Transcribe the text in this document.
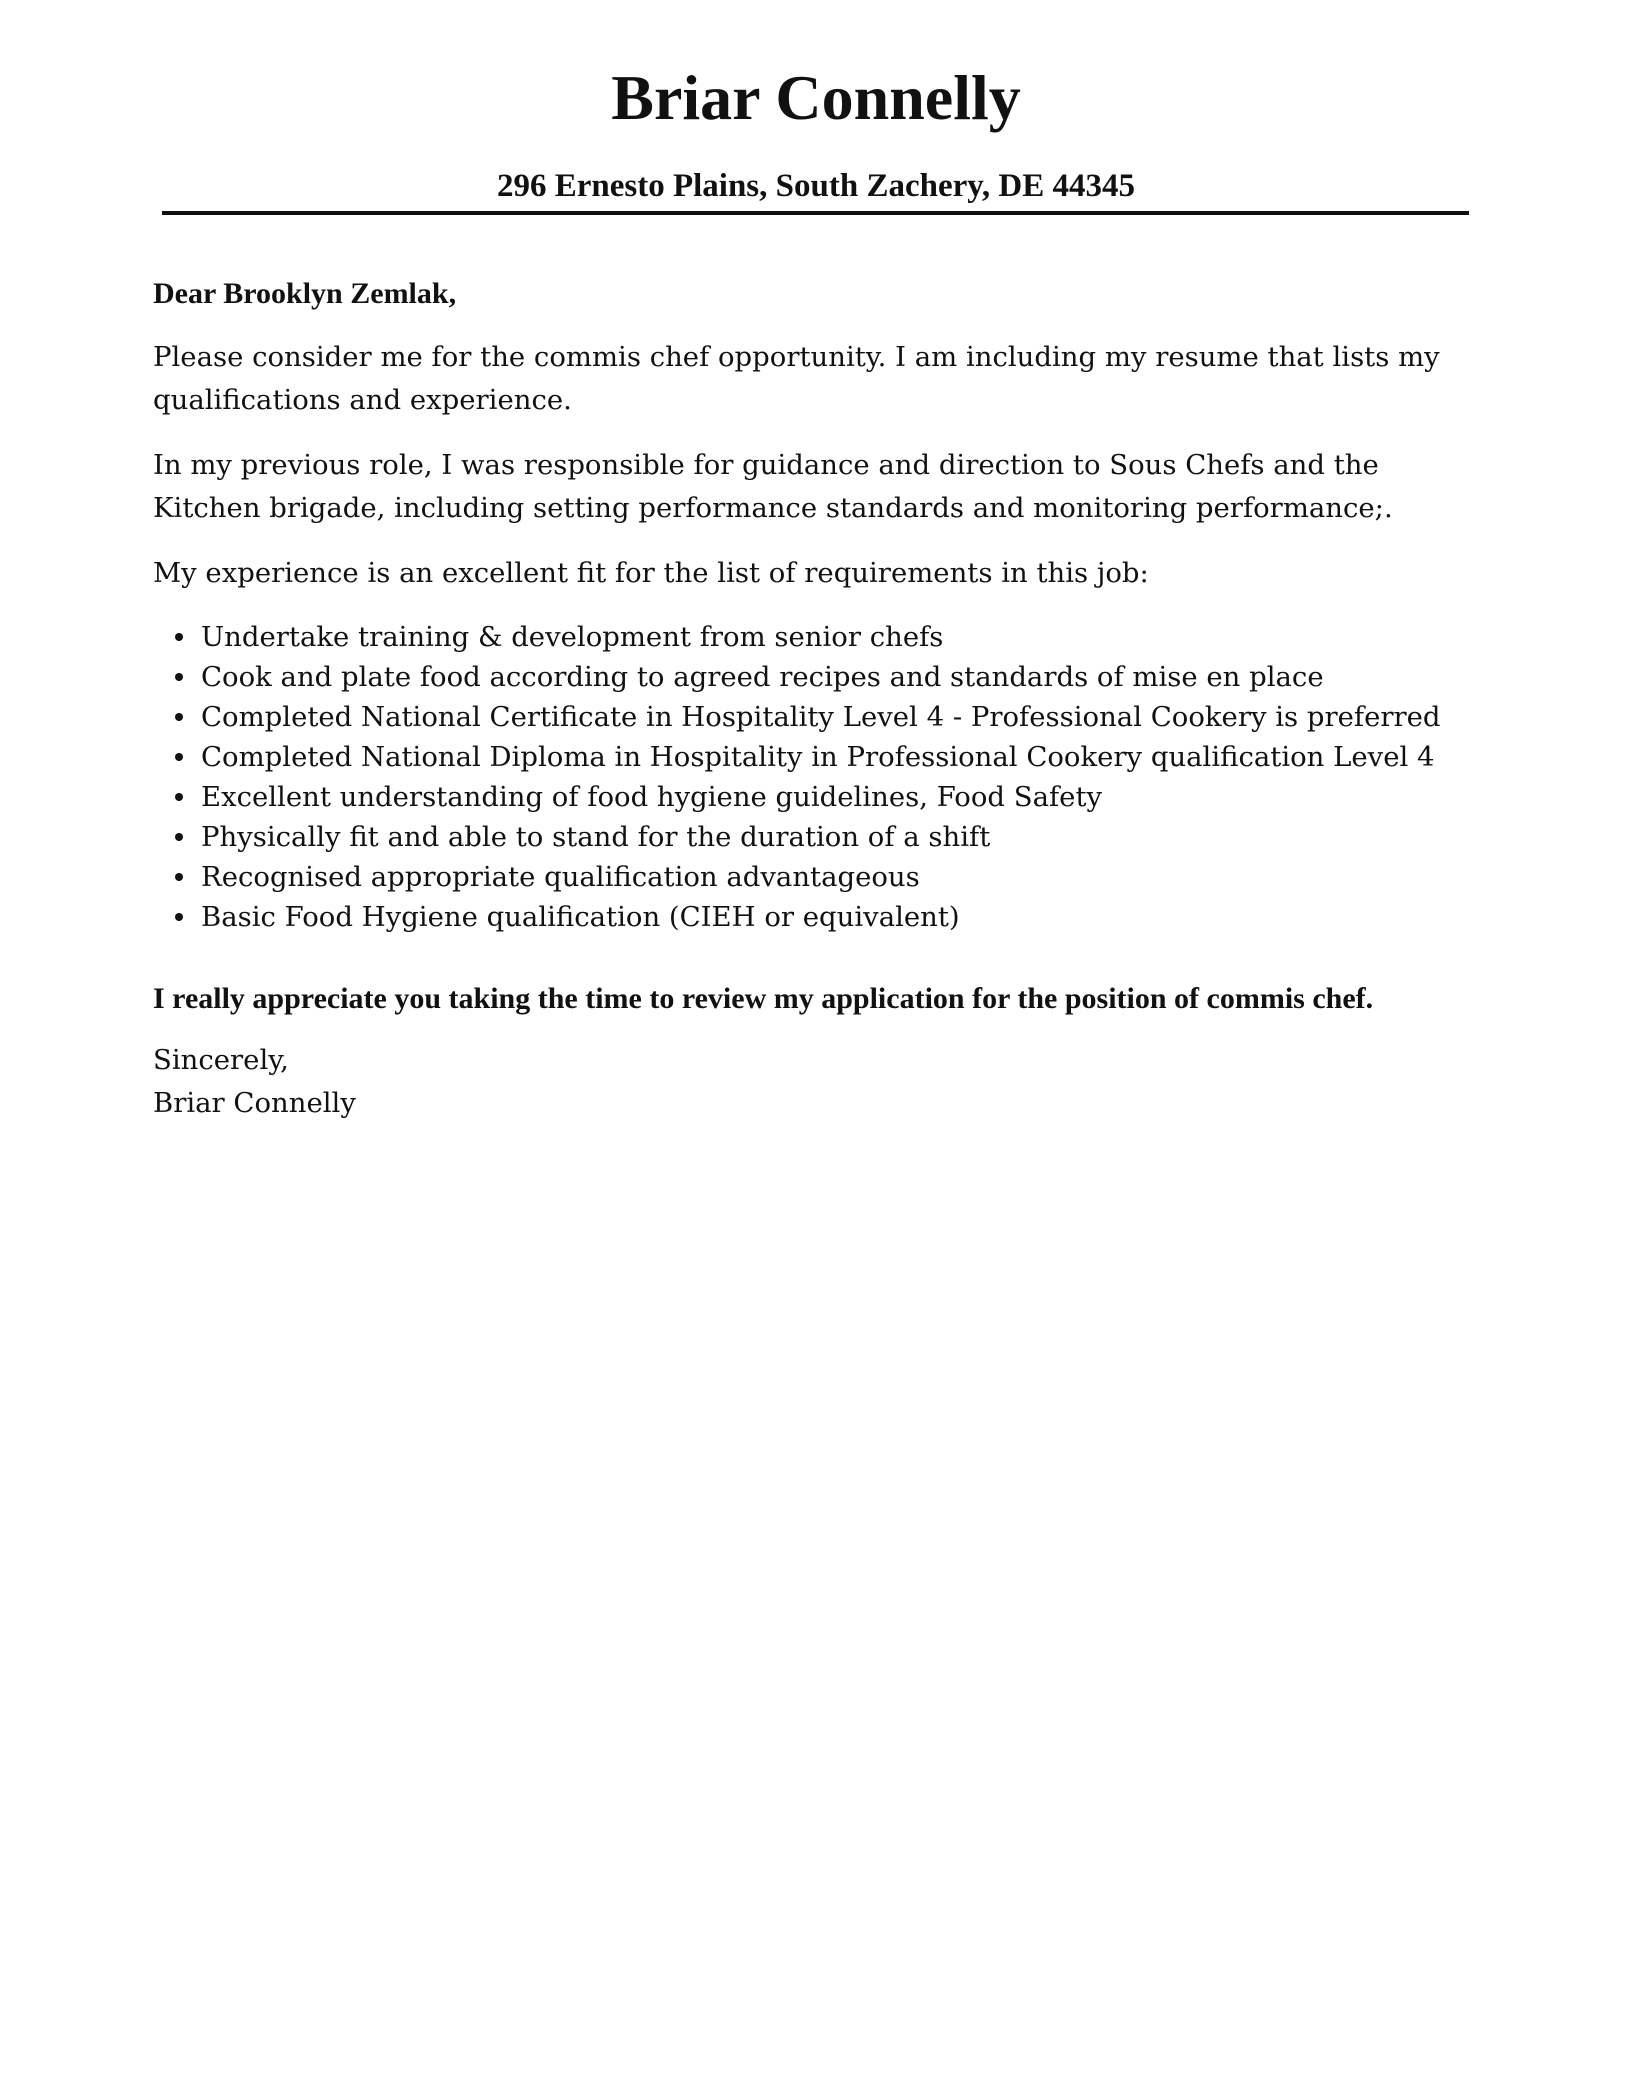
Briar Connelly
296 Ernesto Plains, South Zachery, DE 44345

Dear Brooklyn Zemlak,

Please consider me for the commis chef opportunity. I am including my resume that lists my qualifications and experience.

In my previous role, I was responsible for guidance and direction to Sous Chefs and the Kitchen brigade, including setting performance standards and monitoring performance;.

My experience is an excellent fit for the list of requirements in this job:

Undertake training & development from senior chefs
Cook and plate food according to agreed recipes and standards of mise en place
Completed National Certificate in Hospitality Level 4 - Professional Cookery is preferred
Completed National Diploma in Hospitality in Professional Cookery qualification Level 4
Excellent understanding of food hygiene guidelines, Food Safety
Physically fit and able to stand for the duration of a shift
Recognised appropriate qualification advantageous
Basic Food Hygiene qualification (CIEH or equivalent)

I really appreciate you taking the time to review my application for the position of commis chef.

Sincerely,

Briar Connelly
